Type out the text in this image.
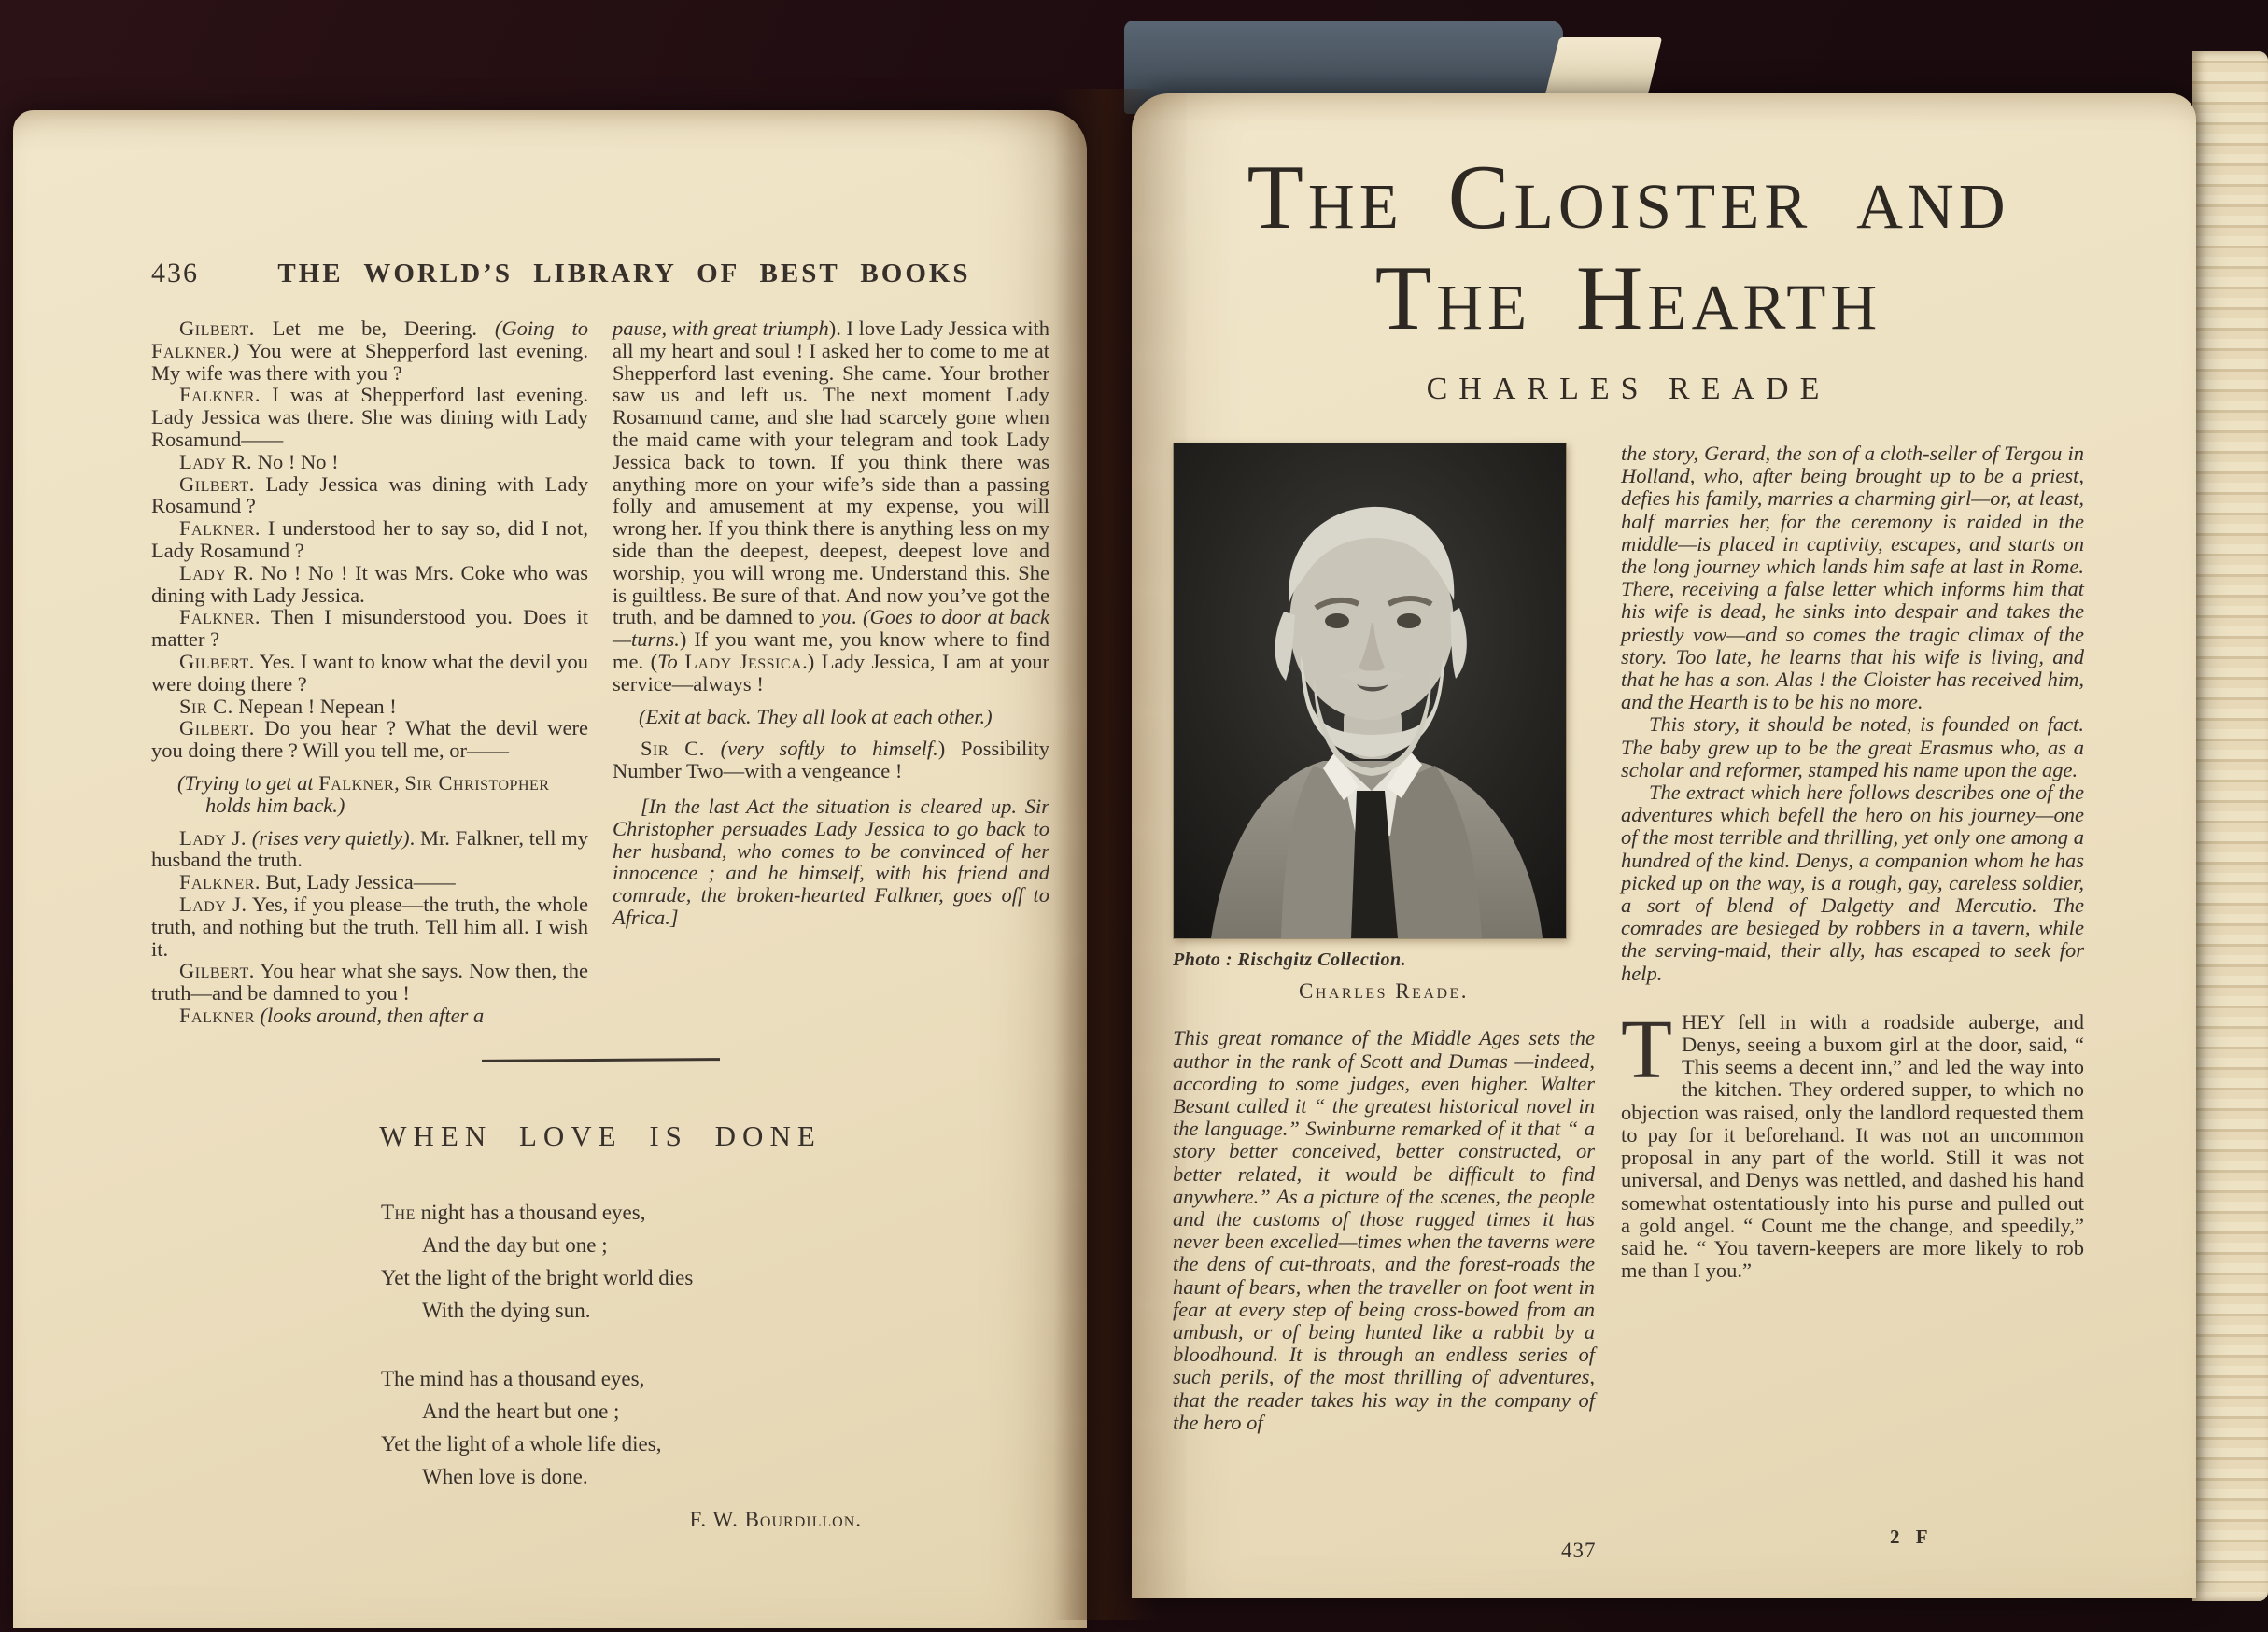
436	THE WORLD’S LIBRARY OF BEST BOOKS

Gilbert. Let me be, Deering. (Going to Falkner.) You were at Shepperford last evening. My wife was there with you ?

Falkner. I was at Shepperford last evening. Lady Jessica was there. She was dining with Lady Rosamund——

Lady R. No ! No !

Gilbert. Lady Jessica was dining with Lady Rosamund ?

Falkner. I understood her to say so, did I not, Lady Rosamund ?

Lady R. No ! No ! It was Mrs. Coke who was dining with Lady Jessica.

Falkner. Then I misunderstood you. Does it matter ?

Gilbert. Yes. I want to know what the devil you were doing there ?

Sir C. Nepean ! Nepean !

Gilbert. Do you hear ? What the devil were you doing there ? Will you tell me, or——

(Trying to get at Falkner, Sir Christopher holds him back.)

Lady J. (rises very quietly). Mr. Falkner, tell my husband the truth.

Falkner. But, Lady Jessica——

Lady J. Yes, if you please—the truth, the whole truth, and nothing but the truth. Tell him all. I wish it.

Gilbert. You hear what she says. Now then, the truth—and be damned to you !

Falkner (looks around, then after a

pause, with great triumph). I love Lady Jessica with all my heart and soul ! I asked her to come to me at Shepperford last evening. She came. Your brother saw us and left us. The next moment Lady Rosamund came, and she had scarcely gone when the maid came with your telegram and took Lady Jessica back to town. If you think there was anything more on your wife’s side than a passing folly and amusement at my expense, you will wrong her. If you think there is anything less on my side than the deepest, deepest, deepest love and worship, you will wrong me. Understand this. She is guiltless. Be sure of that. And now you’ve got the truth, and be damned to you. (Goes to door at back—turns.) If you want me, you know where to find me. (To Lady Jessica.) Lady Jessica, I am at your service—always !

(Exit at back. They all look at each other.)

Sir C. (very softly to himself.) Possibility Number Two—with a vengeance !

[In the last Act the situation is cleared up. Sir Christopher persuades Lady Jessica to go back to her husband, who comes to be convinced of her innocence ; and he himself, with his friend and comrade, the broken-hearted Falkner, goes off to Africa.]

WHEN LOVE IS DONE

The night has a thousand eyes,

And the day but one ;

Yet the light of the bright world dies

With the dying sun.

The mind has a thousand eyes,

And the heart but one ;

Yet the light of a whole life dies,

When love is done.

F. W. Bourdillon.
The Cloister and
The Hearth
CHARLES READE
Photo : Rischgitz Collection.
Charles Reade.

This great romance of the Middle Ages sets the author in the rank of Scott and Dumas —indeed, according to some judges, even higher. Walter Besant called it “ the greatest historical novel in the language.” Swinburne remarked of it that “ a story better conceived, better constructed, or better related, it would be difficult to find anywhere.” As a picture of the scenes, the people and the customs of those rugged times it has never been excelled—times when the taverns were the dens of cut-throats, and the forest-roads the haunt of bears, when the traveller on foot went in fear at every step of being cross-bowed from an ambush, or of being hunted like a rabbit by a bloodhound. It is through an endless series of such perils, of the most thrilling of adventures, that the reader takes his way in the company of the hero of

the story, Gerard, the son of a cloth-seller of Tergou in Holland, who, after being brought up to be a priest, defies his family, marries a charming girl—or, at least, half marries her, for the ceremony is raided in the middle—is placed in captivity, escapes, and starts on the long journey which lands him safe at last in Rome. There, receiving a false letter which informs him that his wife is dead, he sinks into despair and takes the priestly vow—and so comes the tragic climax of the story. Too late, he learns that his wife is living, and that he has a son. Alas ! the Cloister has received him, and the Hearth is to be his no more.

This story, it should be noted, is founded on fact. The baby grew up to be the great Erasmus who, as a scholar and reformer, stamped his name upon the age.

The extract which here follows describes one of the adventures which befell the hero on his journey—one of the most terrible and thrilling, yet only one among a hundred of the kind. Denys, a companion whom he has picked up on the way, is a rough, gay, careless soldier, a sort of blend of Dalgetty and Mercutio. The comrades are besieged by robbers in a tavern, while the serving-maid, their ally, has escaped to seek for help.

THEY fell in with a roadside auberge, and Denys, seeing a buxom girl at the door, said, “ This seems a decent inn,” and led the way into the kitchen. They ordered supper, to which no objection was raised, only the landlord requested them to pay for it beforehand. It was not an uncommon proposal in any part of the world. Still it was not universal, and Denys was nettled, and dashed his hand somewhat ostentatiously into his purse and pulled out a gold angel. “ Count me the change, and speedily,” said he. “ You tavern-keepers are more likely to rob me than I you.”

437
2 F
